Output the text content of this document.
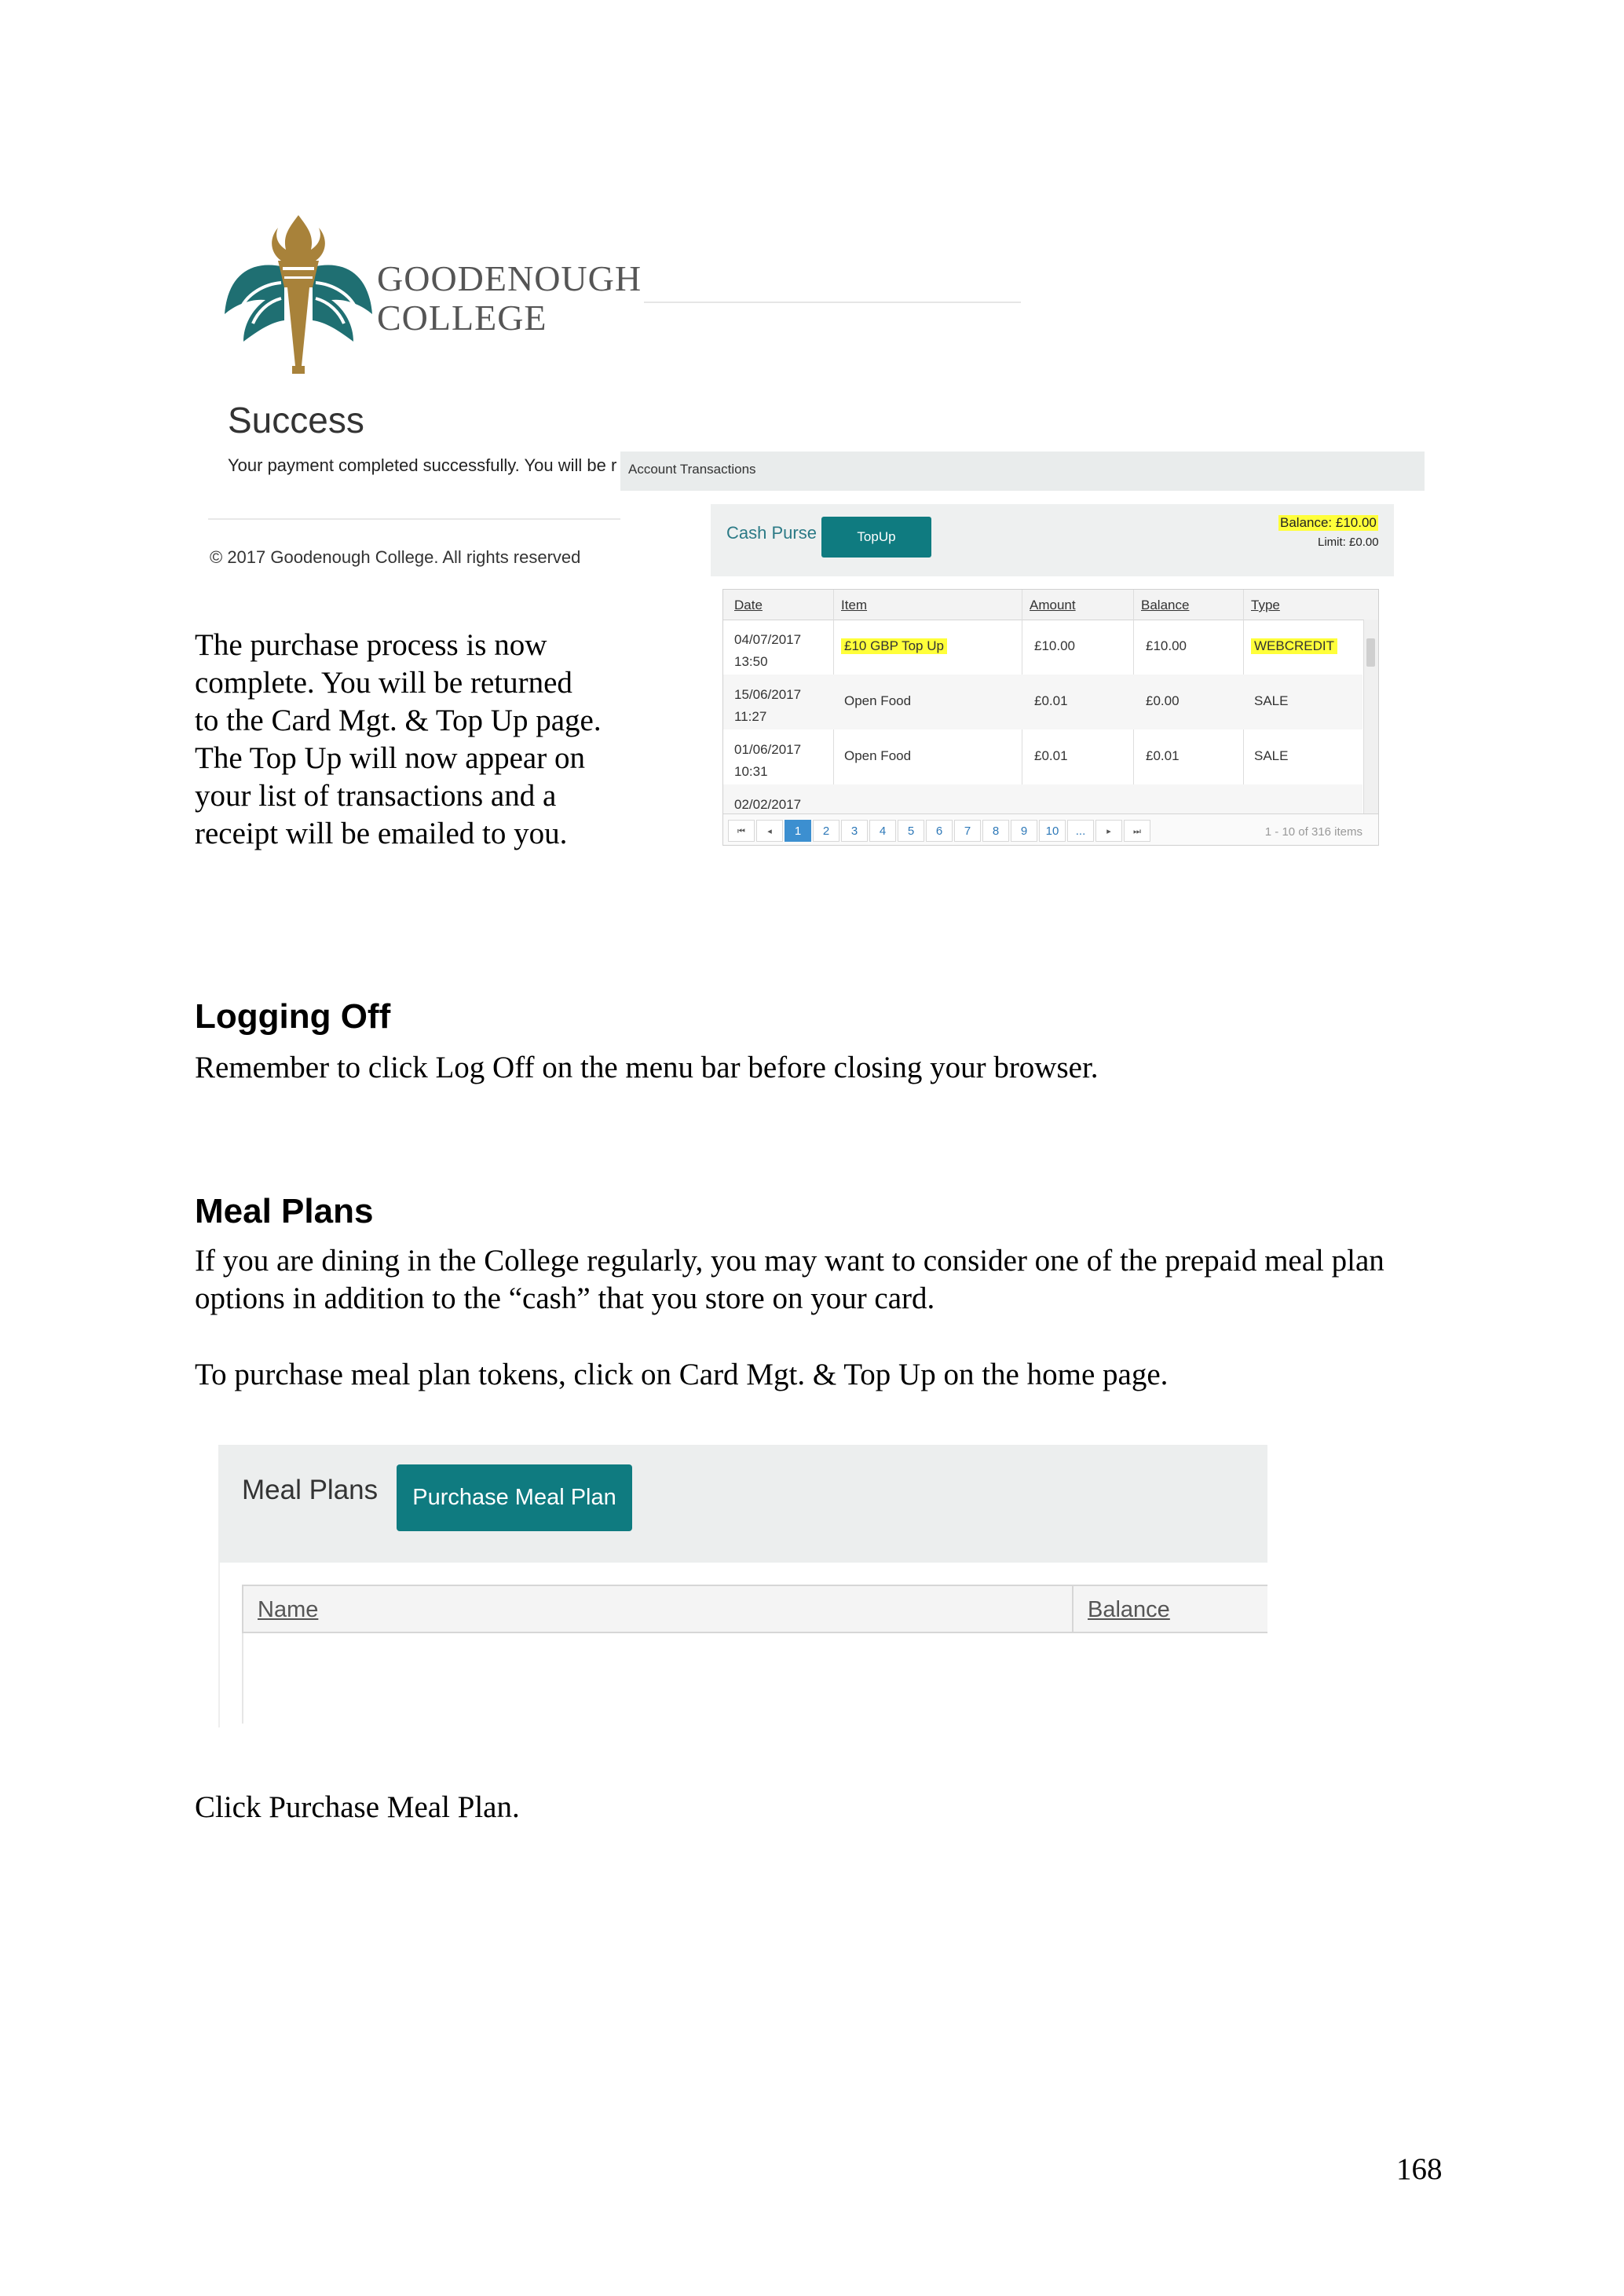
GOODENOUGH
COLLEGE
Success
Your payment completed successfully. You will be r
© 2017 Goodenough College. All rights reserved
Account Transactions
Cash Purse	TopUp
Balance: £10.00
Limit: £0.00
Date	Item	Amount	Balance	Type
04/07/2017
13:50
£10 GBP Top Up	£10.00	£10.00	WEBCREDIT
15/06/2017
11:27
Open Food	£0.01	£0.00	SALE
01/06/2017
10:31
Open Food	£0.01	£0.01	SALE
02/02/2017
⏮	◂	1	2	3	4	5	6	7	8	9	10	...	▸	⏭	1 - 10 of 316 items
The purchase process is now complete. You will be returned to the Card Mgt. & Top Up page. The Top Up will now appear on your list of transactions and a receipt will be emailed to you.
Logging Off
Remember to click Log Off on the menu bar before closing your browser.
Meal Plans
If you are dining in the College regularly, you may want to consider one of the prepaid meal plan options in addition to the “cash” that you store on your card.
To purchase meal plan tokens, click on Card Mgt. & Top Up on the home page.
Meal Plans	Purchase Meal Plan
Name	Balance
Click Purchase Meal Plan.
168
